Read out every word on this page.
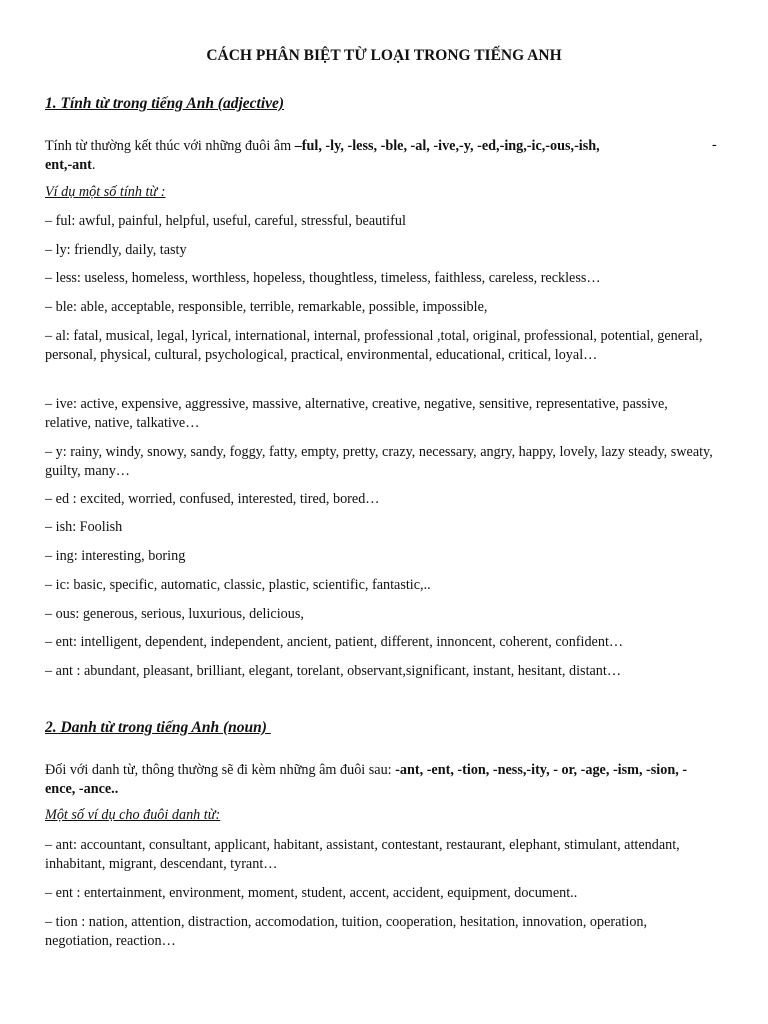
CÁCH PHÂN BIỆT TỪ LOẠI TRONG TIẾNG ANH
1. Tính từ trong tiếng Anh (adjective)
Tính từ thường kết thúc với những đuôi âm –ful, -ly, -less, -ble, -al, -ive,-y, -ed,-ing,-ic,-ous,-ish,
ent,-ant.
-
Ví dụ một số tính từ :
– ful: awful, painful, helpful, useful, careful, stressful, beautiful
– ly: friendly, daily, tasty
– less: useless, homeless, worthless, hopeless, thoughtless, timeless, faithless, careless, reckless…
– ble: able, acceptable, responsible, terrible, remarkable, possible, impossible,
– al: fatal, musical, legal, lyrical, international, internal, professional ,total, original, professional, potential, general, personal, physical, cultural, psychological, practical, environmental, educational, critical, loyal…
– ive: active, expensive, aggressive, massive, alternative, creative, negative, sensitive, representative, passive, relative, native, talkative…
– y: rainy, windy, snowy, sandy, foggy, fatty, empty, pretty, crazy, necessary, angry, happy, lovely, lazy steady, sweaty, guilty, many…
– ed : excited, worried, confused, interested, tired, bored…
– ish: Foolish
– ing: interesting, boring
– ic: basic, specific, automatic, classic, plastic, scientific, fantastic,..
– ous: generous, serious, luxurious, delicious,
– ent: intelligent, dependent, independent, ancient, patient, different, innoncent, coherent, confident…
– ant : abundant, pleasant, brilliant, elegant, torelant, observant,significant, instant, hesitant, distant…
2. Danh từ trong tiếng Anh (noun)
Đối với danh từ, thông thường sẽ đi kèm những âm đuôi sau: -ant, -ent, -tion, -ness,-ity, - or, -age, -ism, -sion, -ence, -ance..
Một số ví dụ cho đuôi danh từ:
– ant: accountant, consultant, applicant, habitant, assistant, contestant, restaurant, elephant, stimulant, attendant, inhabitant, migrant, descendant, tyrant…
– ent : entertainment, environment, moment, student, accent, accident, equipment, document..
– tion : nation, attention, distraction, accomodation, tuition, cooperation, hesitation, innovation, operation, negotiation, reaction…
